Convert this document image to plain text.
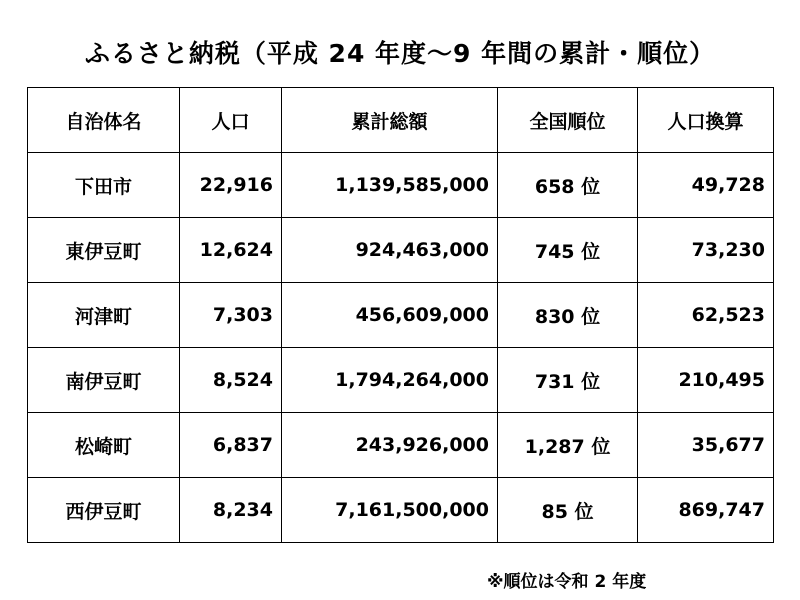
ふるさと納税（平成 24 年度〜9 年間の累計・順位）
自治体名	人口	累計総額	全国順位	人口換算
下田市	22,916	1,139,585,000	658 位	49,728
東伊豆町	12,624	924,463,000	745 位	73,230
河津町	7,303	456,609,000	830 位	62,523
南伊豆町	8,524	1,794,264,000	731 位	210,495
松崎町	6,837	243,926,000	1,287 位	35,677
西伊豆町	8,234	7,161,500,000	85 位	869,747
※順位は令和 2 年度
